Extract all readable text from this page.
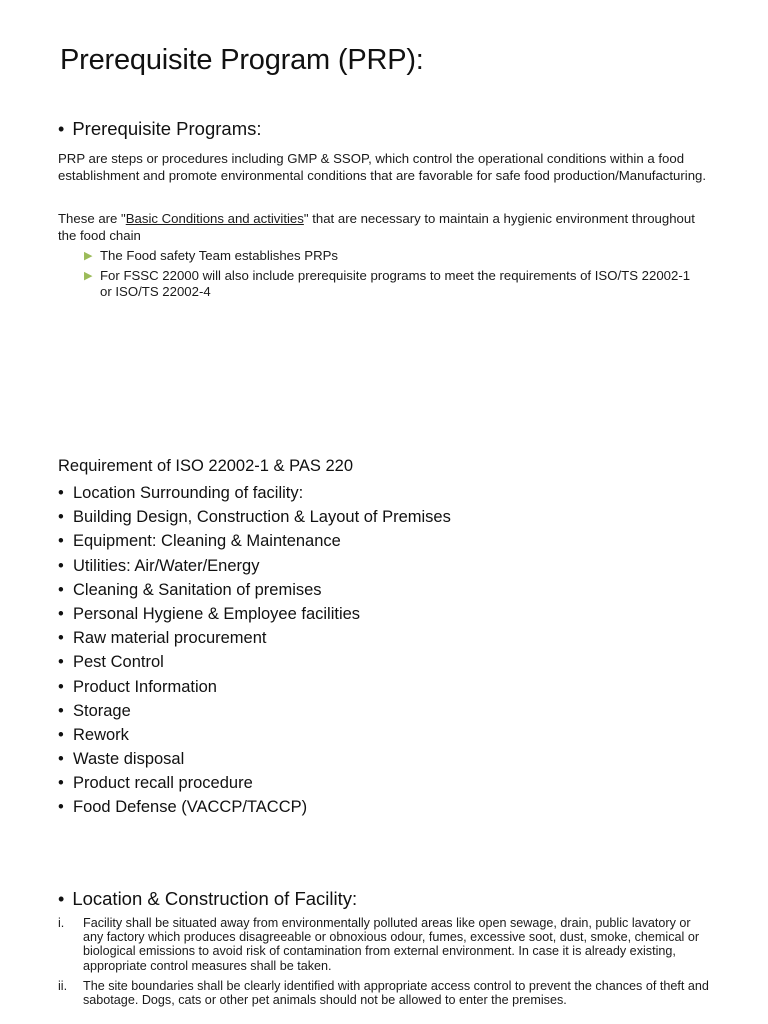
Prerequisite Program (PRP):
• Prerequisite Programs:

PRP are steps or procedures including GMP & SSOP, which control the operational conditions within a food establishment and promote environmental conditions that are favorable for safe food production/Manufacturing.

These are "Basic Conditions and activities" that are necessary to maintain a hygienic environment throughout the food chain

▶ The Food safety Team establishes PRPs
▶ For FSSC 22000 will also include prerequisite programs to meet the requirements of ISO/TS 22002-1 or ISO/TS 22002-4
Requirement of ISO 22002-1 & PAS 220
• Location Surrounding of facility:
• Building Design, Construction & Layout of Premises
• Equipment: Cleaning & Maintenance
• Utilities: Air/Water/Energy
• Cleaning & Sanitation of premises
• Personal Hygiene & Employee facilities
• Raw material procurement
• Pest Control
• Product Information
• Storage
• Rework
• Waste disposal
• Product recall procedure
• Food Defense (VACCP/TACCP)
• Location & Construction of Facility:
i.	Facility shall be situated away from environmentally polluted areas like open sewage, drain, public lavatory or any factory which produces disagreeable or obnoxious odour, fumes, excessive soot, dust, smoke, chemical or biological emissions to avoid risk of contamination from external environment. In case it is already existing, appropriate control measures shall be taken.
ii.	The site boundaries shall be clearly identified with appropriate access control to prevent the chances of theft and sabotage. Dogs, cats or other pet animals should not be allowed to enter the premises.
